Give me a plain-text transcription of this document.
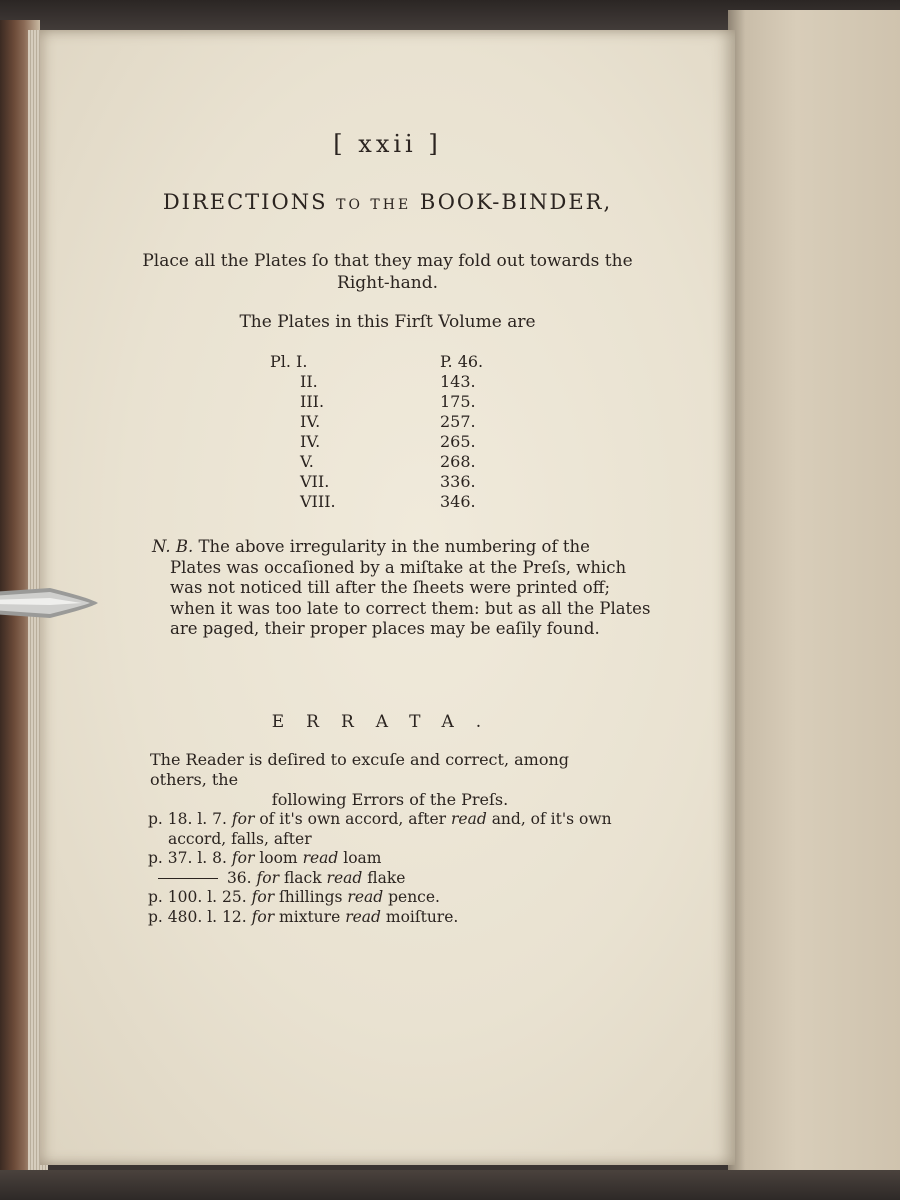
[ xxii ]
DIRECTIONS TO THE BOOK-BINDER,
Place all the Plates ſo that they may fold out towards the
Right-hand.
The Plates in this Firſt Volume are
Pl. I.	P. 46.
II.	143.
III.	175.
IV.	257.
IV.	265.
V.	268.
VII.	336.
VIII.	346.
N. B. The above irregularity in the numbering of the
Plates was occaſioned by a miſtake at the Preſs, which
was not noticed till after the ſheets were printed off;
when it was too late to correct them: but as all the Plates
are paged, their proper places may be eaſily found.
ERRATA.
The Reader is deſired to excuſe and correct, among others, the
following Errors of the Preſs.
p. 18. l. 7. for of it's own accord, after read and, of it's own
accord, falls, after
p. 37. l. 8. for loom read loam
36. for flack read flake
p. 100. l. 25. for ſhillings read pence.
p. 480. l. 12. for mixture read moiſture.
